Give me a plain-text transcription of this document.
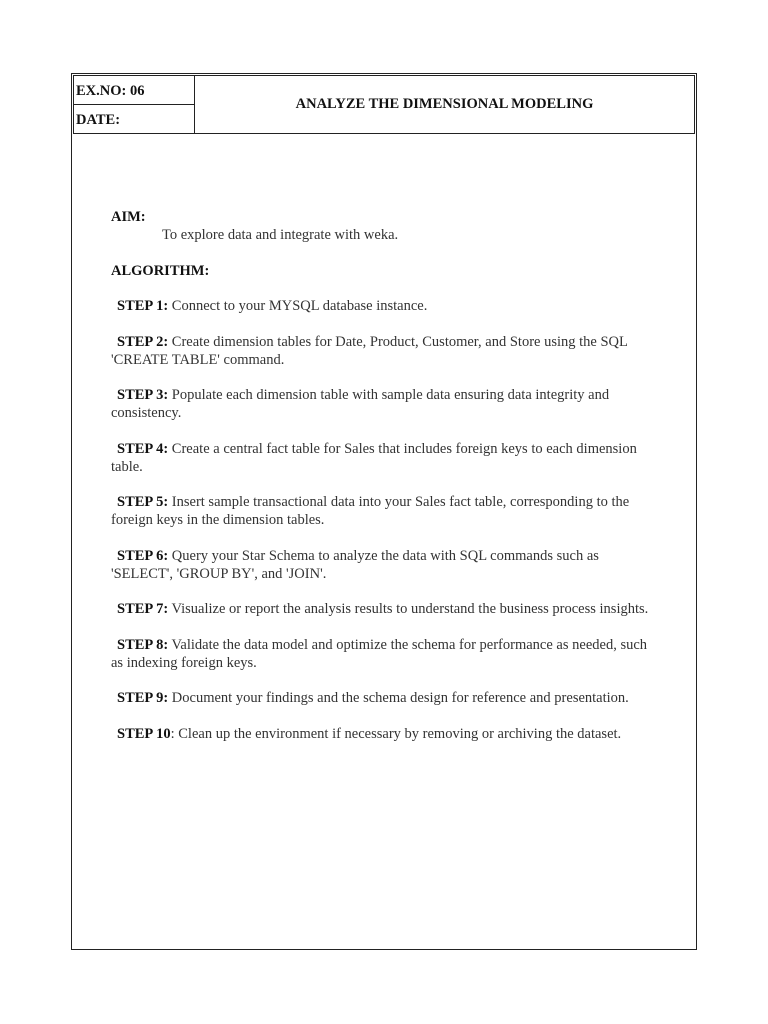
EX.NO: 06
DATE:
ANALYZE THE DIMENSIONAL MODELING
AIM:
To explore data and integrate with weka.
ALGORITHM:
STEP 1: Connect to your MYSQL database instance.
STEP 2: Create dimension tables for Date, Product, Customer, and Store using the SQL 'CREATE TABLE' command.
STEP 3: Populate each dimension table with sample data ensuring data integrity and consistency.
STEP 4: Create a central fact table for Sales that includes foreign keys to each dimension table.
STEP 5: Insert sample transactional data into your Sales fact table, corresponding to the foreign keys in the dimension tables.
STEP 6: Query your Star Schema to analyze the data with SQL commands such as 'SELECT', 'GROUP BY', and 'JOIN'.
STEP 7: Visualize or report the analysis results to understand the business process insights.
STEP 8: Validate the data model and optimize the schema for performance as needed, such as indexing foreign keys.
STEP 9: Document your findings and the schema design for reference and presentation.
STEP 10: Clean up the environment if necessary by removing or archiving the dataset.
